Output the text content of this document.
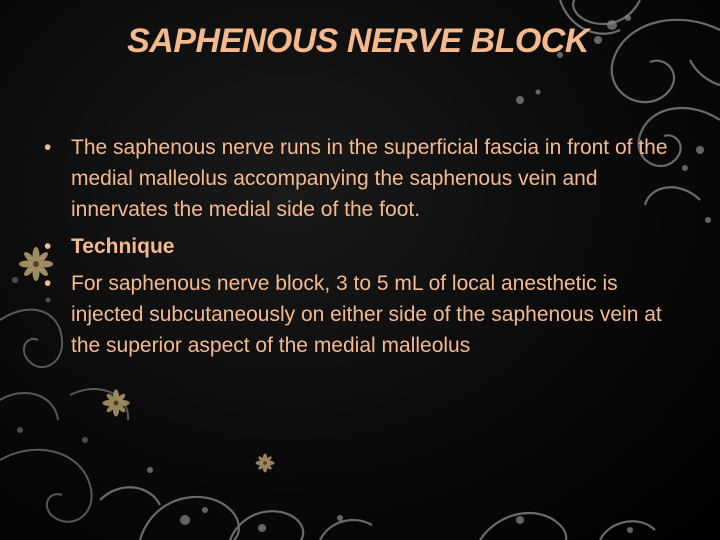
SAPHENOUS NERVE BLOCK
• The saphenous nerve runs in the superficial fascia in front of the medial malleolus accompanying the saphenous vein and innervates the medial side of the foot.
• Technique
• For saphenous nerve block, 3 to 5 mL of local anesthetic is injected subcutaneously on either side of the saphenous vein at the superior aspect of the medial malleolus
